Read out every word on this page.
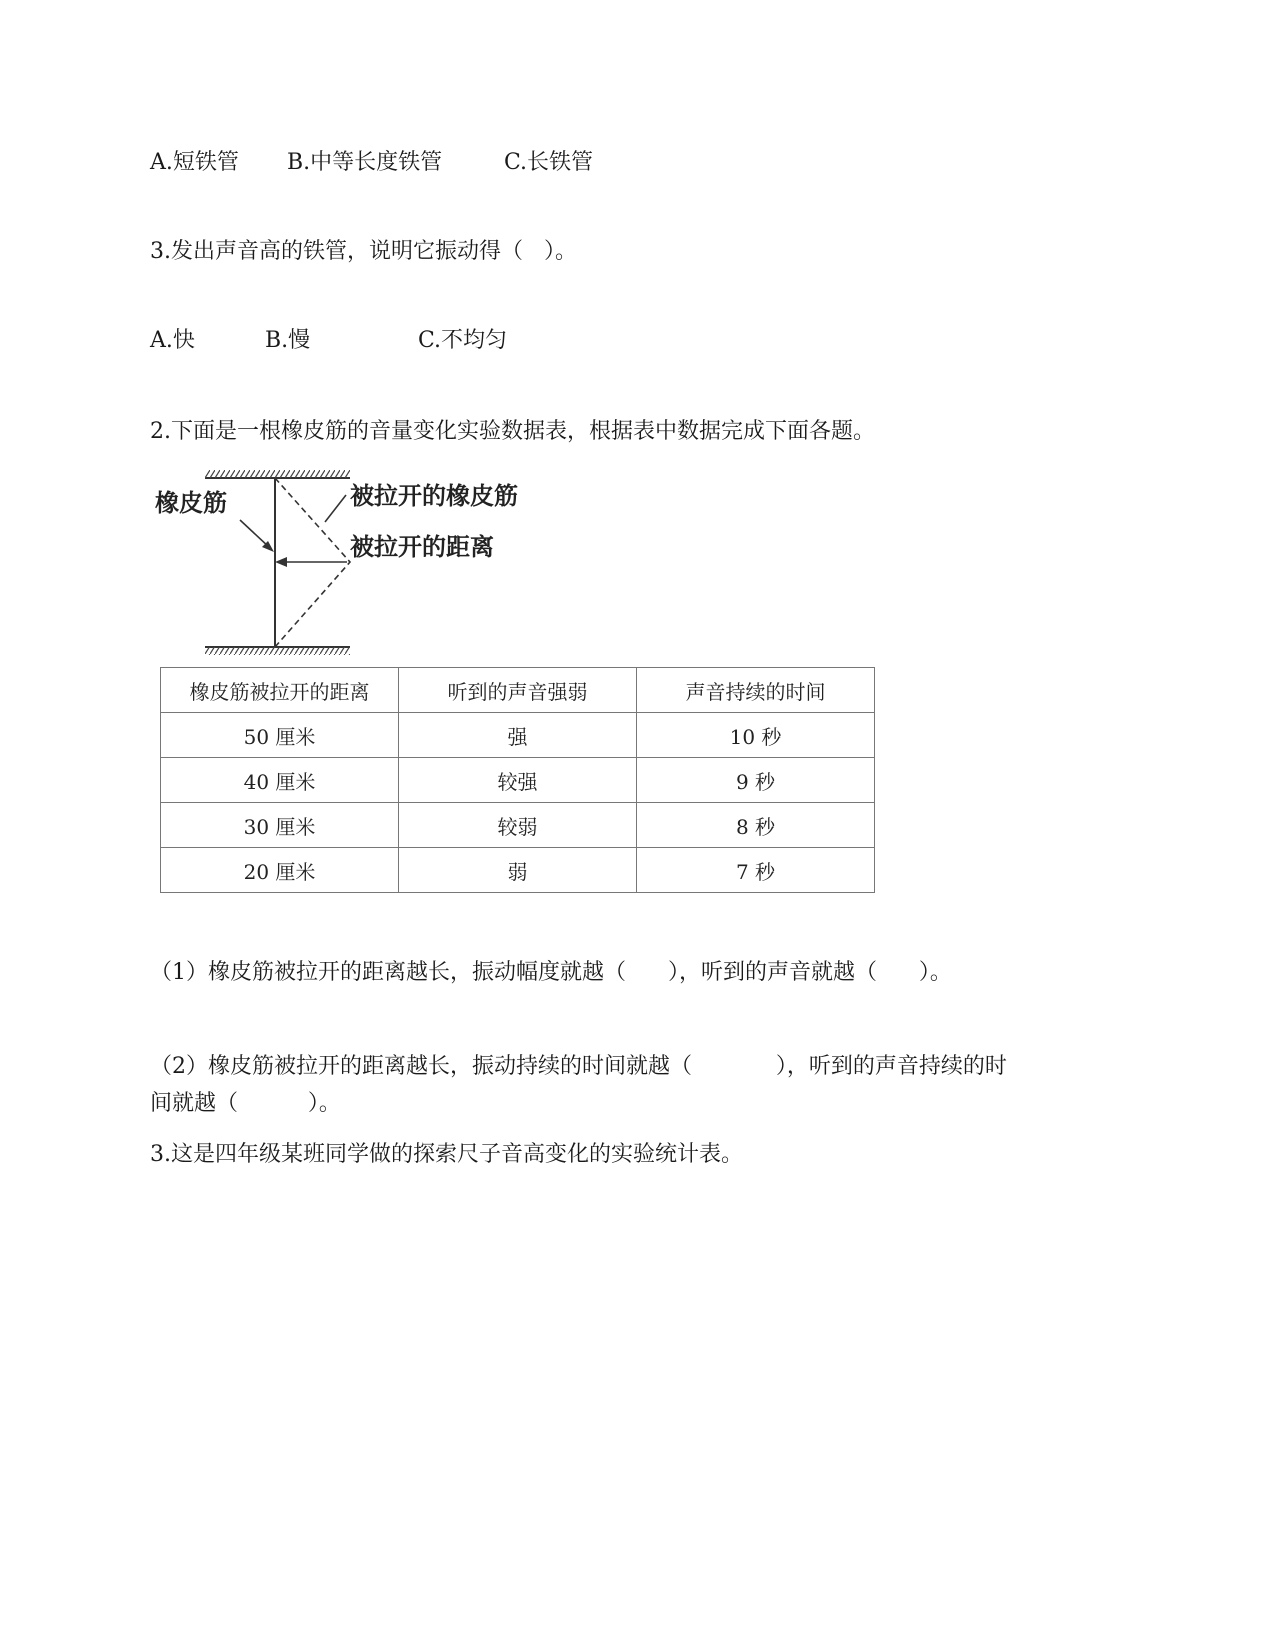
A.短铁管 B.中等长度铁管	C.长铁管
3.发出声音高的铁管，说明它振动得（   ）。
A.快	B.慢	C.不均匀
2.下面是一根橡皮筋的音量变化实验数据表，根据表中数据完成下面各题。
橡皮筋	被拉开的橡皮筋
被拉开的距离
橡皮筋被拉开的距离	听到的声音强弱	声音持续的时间
50 厘米	强	10 秒
40 厘米	较强	9 秒
30 厘米	较弱	8 秒
20 厘米	弱	7 秒
（1）橡皮筋被拉开的距离越长，振动幅度就越（      ），听到的声音就越（      ）。
（2）橡皮筋被拉开的距离越长，振动持续的时间就越（            ），听到的声音持续的时
间就越（          ）。
3.这是四年级某班同学做的探索尺子音高变化的实验统计表。
